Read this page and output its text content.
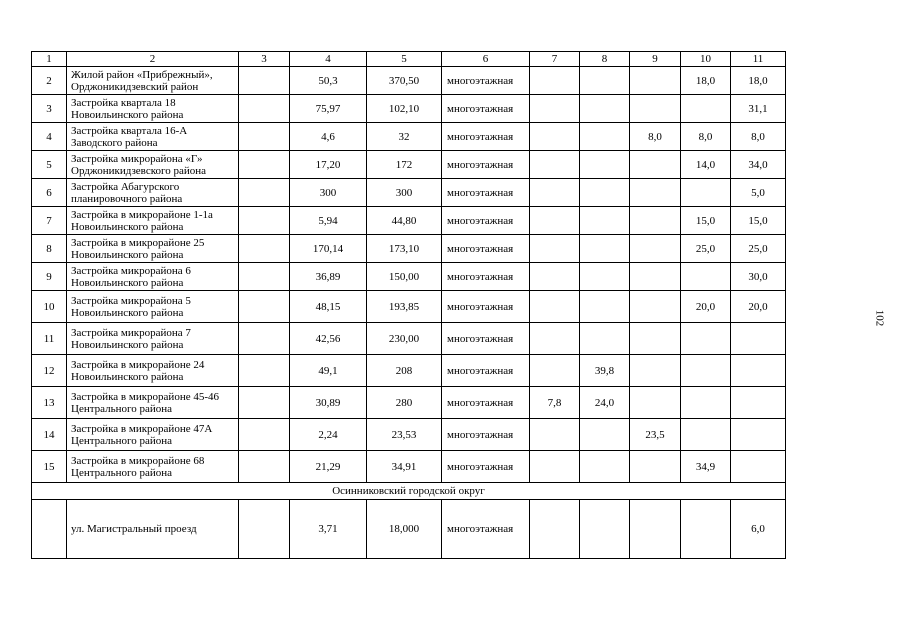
1	2	3	4	5	6	7	8	9	10	11
2	Жилой район «Прибрежный»,
Орджоникидзевский район		50,3	370,50	многоэтажная				18,0	18,0
3	Застройка квартала 18
Новоильинского района		75,97	102,10	многоэтажная					31,1
4	Застройка квартала 16-А
Заводского района		4,6	32	многоэтажная			8,0	8,0	8,0
5	Застройка микрорайона «Г»
Орджоникидзевского района		17,20	172	многоэтажная				14,0	34,0
6	Застройка Абагурского
планировочного района		300	300	многоэтажная					5,0
7	Застройка в микрорайоне 1-1а
Новоильинского района		5,94	44,80	многоэтажная				15,0	15,0
8	Застройка в микрорайоне 25
Новоильинского района		170,14	173,10	многоэтажная				25,0	25,0
9	Застройка микрорайона 6
Новоильинского района		36,89	150,00	многоэтажная					30,0
10	Застройка микрорайона 5
Новоильинского района		48,15	193,85	многоэтажная				20,0	20,0
11	Застройка микрорайона 7
Новоильинского района		42,56	230,00	многоэтажная					
12	Застройка в микрорайоне 24
Новоильинского района		49,1	208	многоэтажная		39,8			
13	Застройка в микрорайоне 45-46
Центрального района		30,89	280	многоэтажная	7,8	24,0			
14	Застройка в микрорайоне 47А
Центрального района		2,24	23,53	многоэтажная			23,5		
15	Застройка в микрорайоне 68
Центрального района		21,29	34,91	многоэтажная				34,9	
Осинниковский городской округ										

	ул. Магистральный проезд		3,71	18,000	многоэтажная					6,0
102
